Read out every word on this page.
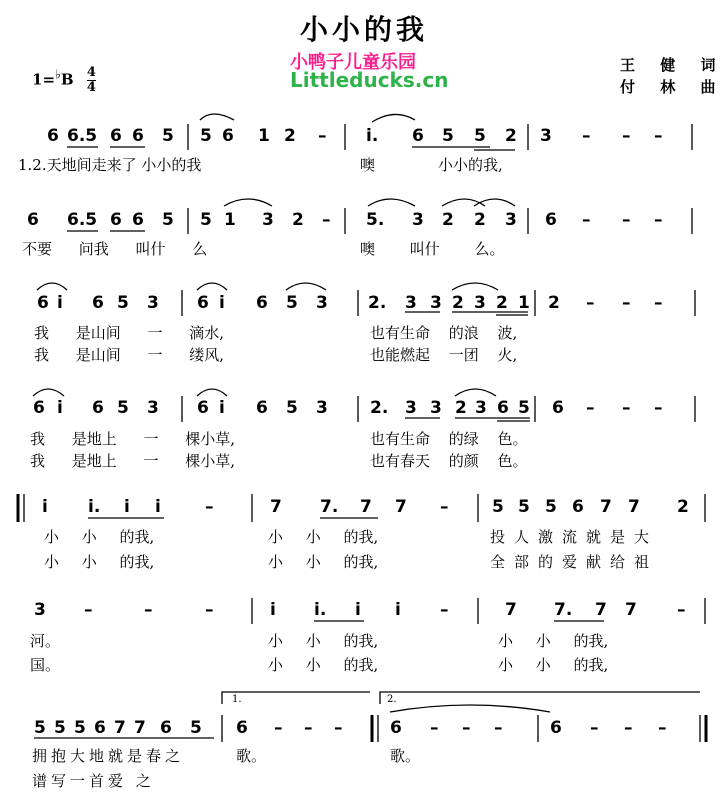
小小的我
小鸭子儿童乐园
Littleducks.cn
$1=^♭B \frac{4}{4}$
王 健 词
付 林 曲
6 6.5 6 6 5 5 6 1 2 – i. 6 5 5 2 3 – – –
1.2.天地间走来了 小小的我	噢	小小的我,
6 6.5 6 6 5 5 1 3 2 – 5. 3 2 2 3 6 – – –
不要 问我 叫什 么	噢 叫什 么。
6 i 6 5 3 6 i 6 5 3 2. 3 3 2 3 2 1 2 – – –
我 是山间 一 滴水,	也有生命 的浪 波,
我 是山间 一 缕风,	也能燃起 一团 火,
6 i 6 5 3 6 i 6 5 3 2. 3 3 2 3 6 5 6 – – –
我 是地上 一 棵小草,	也有生命 的绿 色。
我 是地上 一 棵小草,	也有春天 的颜 色。
i i. i i	–	7 7. 7 7 –	5 5 5 6 7 7 2
小 小 的我,	小 小 的我,	投人激流就是大
小 小 的我,	小 小 的我,	全部的爱献给祖
3 –	–	–	i i. i i –	7 7. 7 7 –
河。	小 小 的我,	小 小 的我,
国。	小 小 的我,	小 小 的我,
5 5 5 6 7 7 6 5 6 – – –	6 – – –	6 – – –
拥抱大地就是春之	歌。	歌。
谱写一首爱 之
1.	2.
